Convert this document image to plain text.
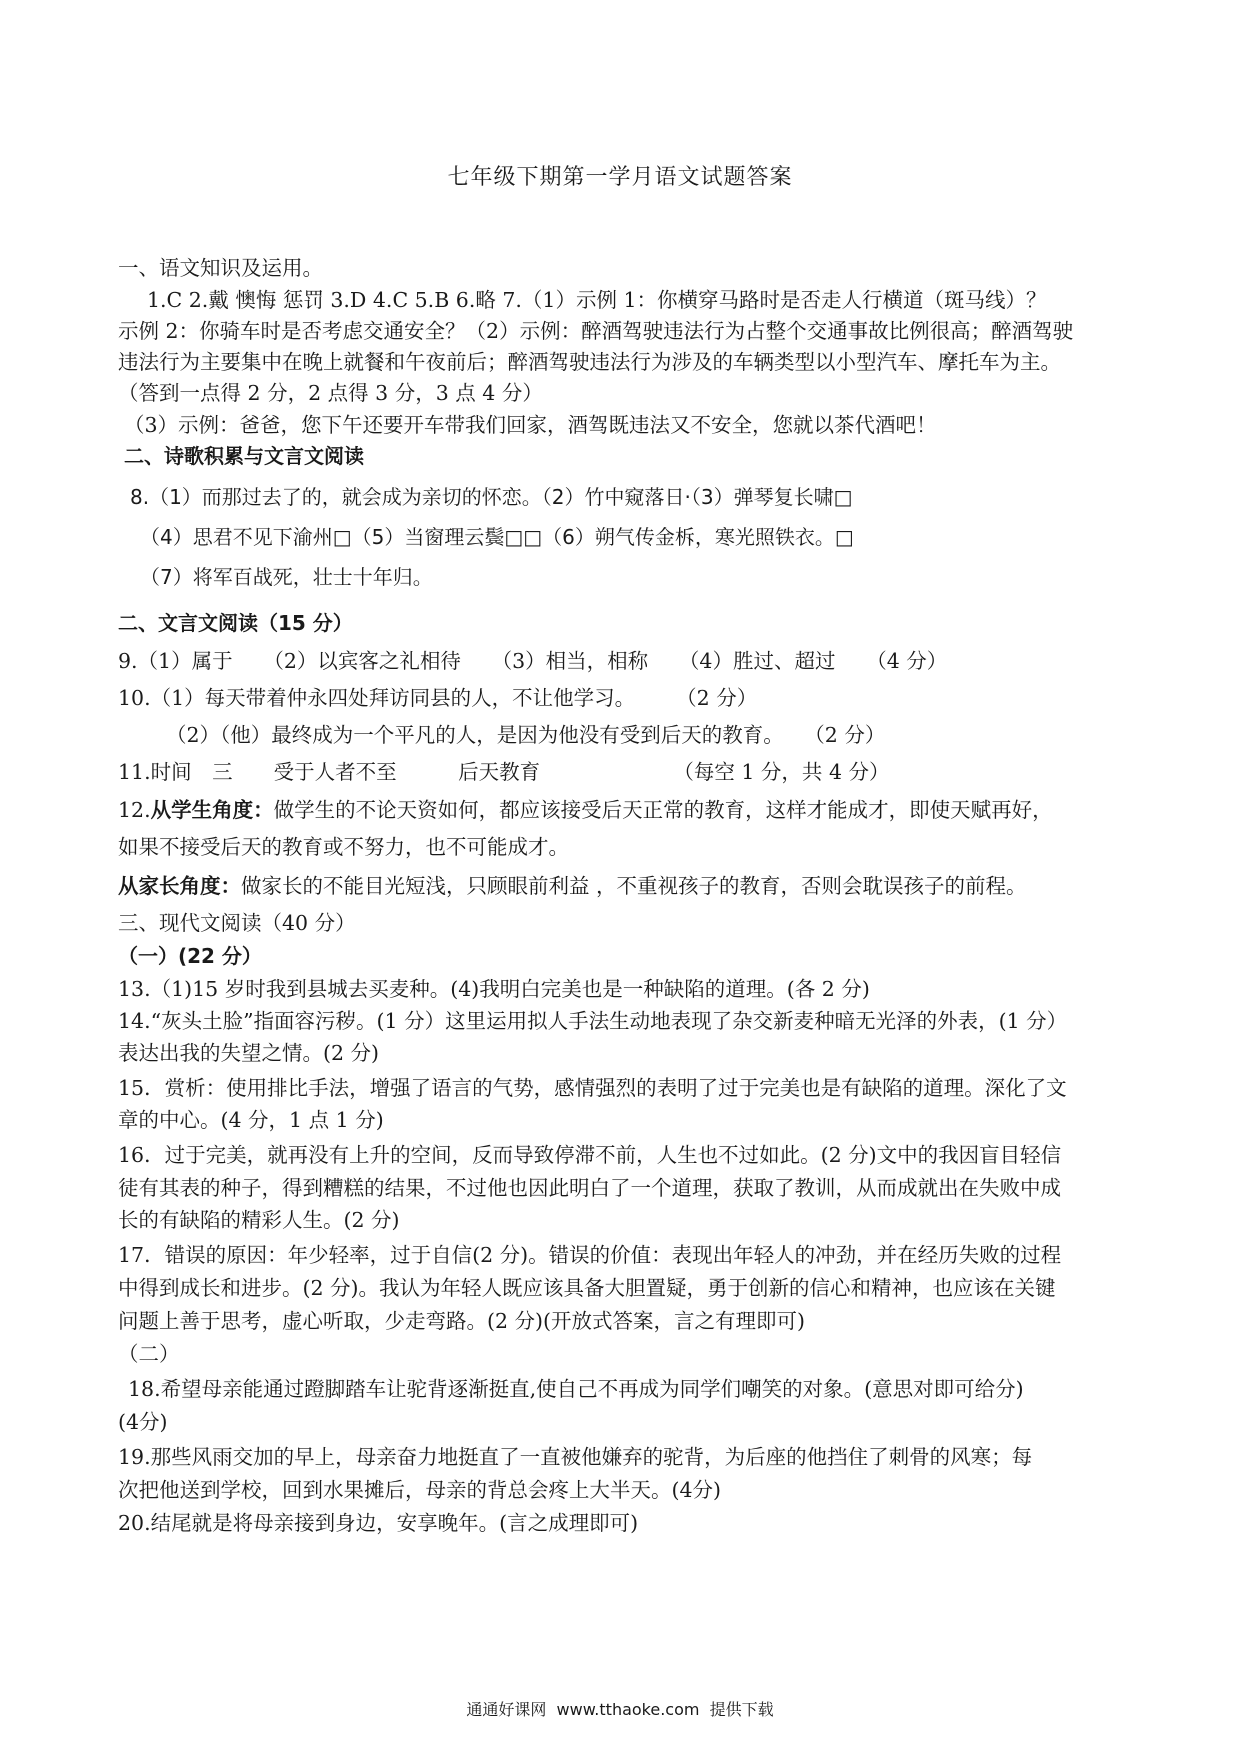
七年级下期第一学月语文试题答案
一、语文知识及运用。
1.C 2.戴 懊悔 惩罚 3.D 4.C 5.B 6.略 7.（1）示例 1：你横穿马路时是否走人行横道（斑马线）？
示例 2：你骑车时是否考虑交通安全？（2）示例：醉酒驾驶违法行为占整个交通事故比例很高；醉酒驾驶
违法行为主要集中在晚上就餐和午夜前后；醉酒驾驶违法行为涉及的车辆类型以小型汽车、摩托车为主。
（答到一点得 2 分，2 点得 3 分，3 点 4 分）
（3）示例：爸爸，您下午还要开车带我们回家，酒驾既违法又不安全，您就以茶代酒吧！
二、诗歌积累与文言文阅读
8.（1）而那过去了的，就会成为亲切的怀恋。（2）竹中窥落日·（3）弹琴复长啸□
（4）思君不见下渝州□（5）当窗理云鬓□□（6）朔气传金柝，寒光照铁衣。□
（7）将军百战死，壮士十年归。
二、文言文阅读（15 分）
9.（1）属于　　（2）以宾客之礼相待　　（3）相当，相称　　（4）胜过、超过　　（4 分）
10.（1）每天带着仲永四处拜访同县的人，不让他学习。　　　（2 分）
（2）（他）最终成为一个平凡的人，是因为他没有受到后天的教育。　　（2 分）
11.时间　三　　受于人者不至　　　后天教育　　　　　　　（每空 1 分，共 4 分）
12.从学生角度：做学生的不论天资如何，都应该接受后天正常的教育，这样才能成才，即使天赋再好，
如果不接受后天的教育或不努力，也不可能成才。
从家长角度：做家长的不能目光短浅，只顾眼前利益 ，不重视孩子的教育，否则会耽误孩子的前程。
三、现代文阅读（40 分）
（一）(22 分）
13.（1)15 岁时我到县城去买麦种。(4)我明白完美也是一种缺陷的道理。(各 2 分)
14.“灰头土脸”指面容污秽。(1 分）这里运用拟人手法生动地表现了杂交新麦种暗无光泽的外表，(1 分）
表达出我的失望之情。(2 分)
15．赏析：使用排比手法，增强了语言的气势，感情强烈的表明了过于完美也是有缺陷的道理。深化了文
章的中心。(4 分，1 点 1 分)
16．过于完美，就再没有上升的空间，反而导致停滞不前，人生也不过如此。(2 分)文中的我因盲目轻信
徒有其表的种子，得到糟糕的结果，不过他也因此明白了一个道理，获取了教训，从而成就出在失败中成
长的有缺陷的精彩人生。(2 分)
17．错误的原因：年少轻率，过于自信(2 分)。错误的价值：表现出年轻人的冲劲，并在经历失败的过程
中得到成长和进步。(2 分)。我认为年轻人既应该具备大胆置疑，勇于创新的信心和精神，也应该在关键
问题上善于思考，虚心听取，少走弯路。(2 分)(开放式答案，言之有理即可)
（二）
18.希望母亲能通过蹬脚踏车让驼背逐渐挺直,使自己不再成为同学们嘲笑的对象。(意思对即可给分)
(4分)
19.那些风雨交加的早上，母亲奋力地挺直了一直被他嫌弃的驼背，为后座的他挡住了刺骨的风寒；每
次把他送到学校，回到水果摊后，母亲的背总会疼上大半天。(4分)
20.结尾就是将母亲接到身边，安享晚年。(言之成理即可)
通通好课网 www.tthaoke.com 提供下载
